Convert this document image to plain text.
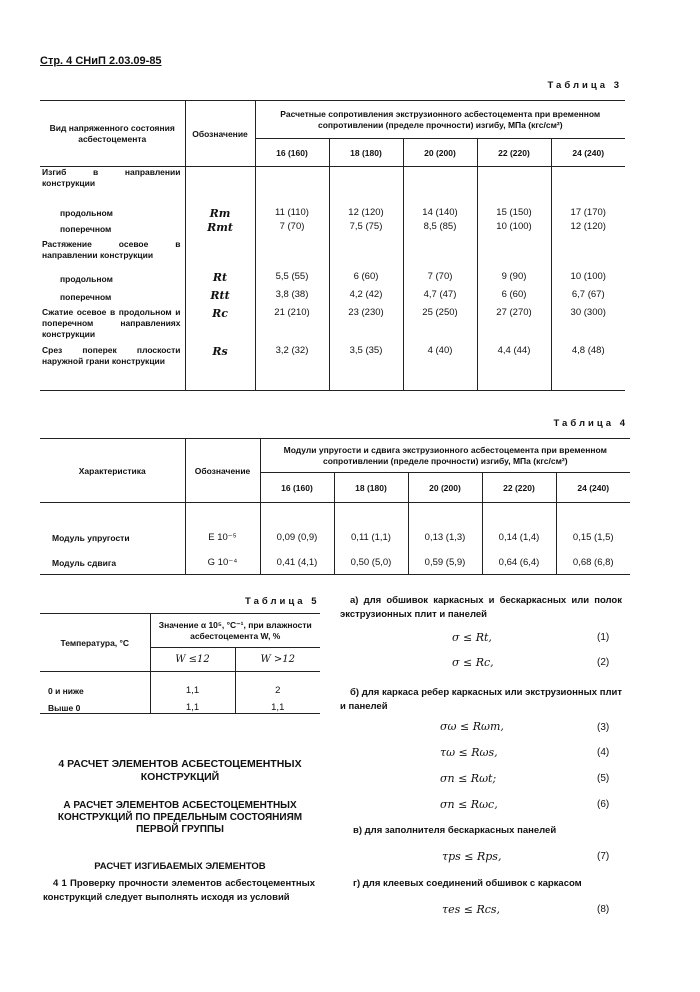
Стр. 4 СНиП 2.03.09-85
Таблица 3
Вид напряженного состояния асбестоцемента	Обозначение	Расчетные сопротивления экструзионного асбестоцемента при временном сопротивлении (пределе прочности) изгибу, МПа (кгс/см²)				
		16 (160)	18 (180)	20 (200)	22 (220)	24 (240)
Изгиб в направлении конструкции						
продольном	Rm	11 (110)	12 (120)	14 (140)	15 (150)	17 (170)
поперечном	Rmt	7 (70)	7,5 (75)	8,5 (85)	10 (100)	12 (120)
Растяжение осевое в направлении конструкции						
продольном	Rt	5,5 (55)	6 (60)	7 (70)	9 (90)	10 (100)
поперечном	Rtt	3,8 (38)	4,2 (42)	4,7 (47)	6 (60)	6,7 (67)
Сжатие осевое в продольном и поперечном направлениях конструкции	Rc	21 (210)	23 (230)	25 (250)	27 (270)	30 (300)
Срез поперек плоскости наружной грани конструкции	Rs	3,2 (32)	3,5 (35)	4 (40)	4,4 (44)	4,8 (48)
Таблица 4
Характеристика	Обозначение	Модули упругости и сдвига экструзионного асбестоцемента при временном сопротивлении (пределе прочности) изгибу, МПа (кгс/см²)				
		16 (160)	18 (180)	20 (200)	22 (220)	24 (240)
Модуль упругости	E 10⁻⁵	0,09 (0,9)	0,11 (1,1)	0,13 (1,3)	0,14 (1,4)	0,15 (1,5)
Модуль сдвига	G 10⁻⁴	0,41 (4,1)	0,50 (5,0)	0,59 (5,9)	0,64 (6,4)	0,68 (6,8)
Таблица 5
Температура, °С	Значение α 10⁵, °С⁻¹, при влажности асбестоцемента W, %	
	W ≤12	W >12
0 и ниже	1,1	2
Выше 0	1,1	1,1
4 РАСЧЕТ ЭЛЕМЕНТОВ АСБЕСТОЦЕМЕНТНЫХ КОНСТРУКЦИЙ
А РАСЧЕТ ЭЛЕМЕНТОВ АСБЕСТОЦЕМЕНТНЫХ КОНСТРУКЦИЙ ПО ПРЕДЕЛЬНЫМ СОСТОЯНИЯМ ПЕРВОЙ ГРУППЫ
РАСЧЕТ ИЗГИБАЕМЫХ ЭЛЕМЕНТОВ
4 1 Проверку прочности элементов асбестоцементных конструкций следует выполнять исходя из условий
а) для обшивок каркасных и бескаркасных или полок экструзионных плит и панелей
σ ≤ Rt,	(1)
σ ≤ Rc,	(2)
б) для каркаса ребер каркасных или экструзионных плит и панелей
σω ≤ Rωm,	(3)
τω ≤ Rωs,	(4)
σn ≤ Rωt;	(5)
σn ≤ Rωc,	(6)
в) для заполнителя бескаркасных панелей
τps ≤ Rps,	(7)
г) для клеевых соединений обшивок с каркасом
τes ≤ Rcs,	(8)
